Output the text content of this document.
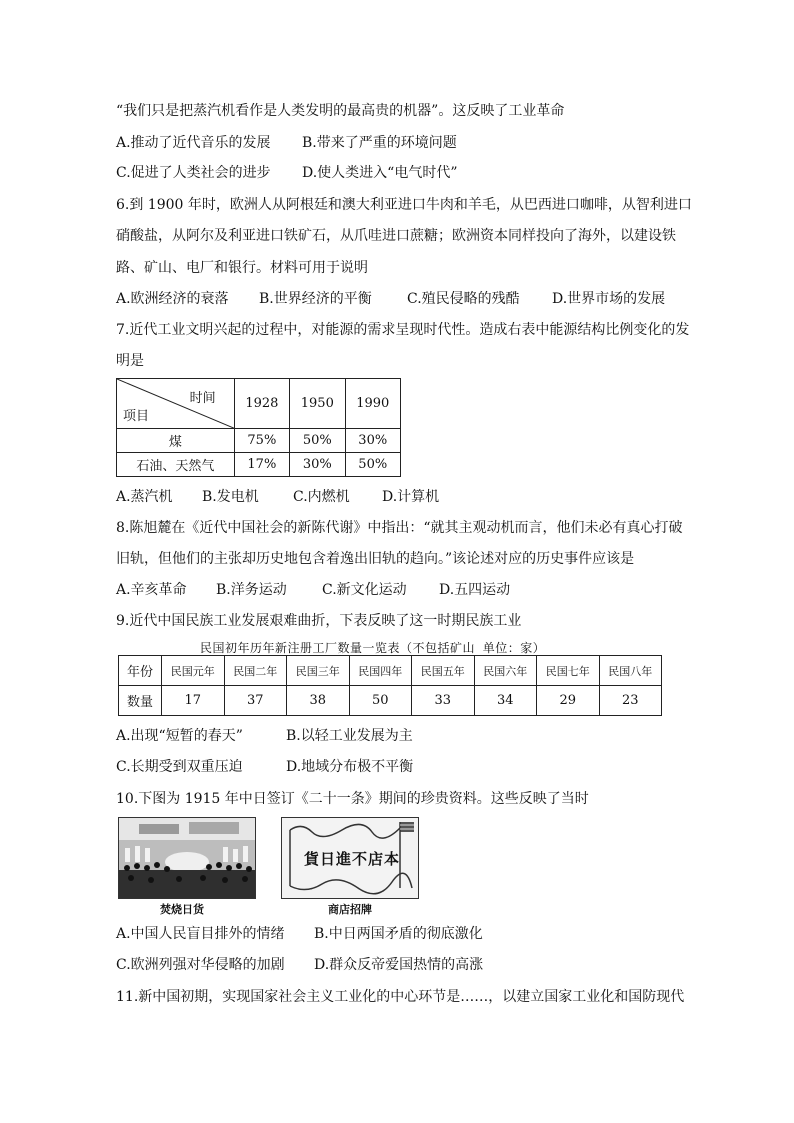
“我们只是把蒸汽机看作是人类发明的最高贵的机器”。这反映了工业革命
A.推动了近代音乐的发展 B.带来了严重的环境问题
C.促进了人类社会的进步 D.使人类进入“电气时代”
6.到 1900 年时，欧洲人从阿根廷和澳大利亚进口牛肉和羊毛，从巴西进口咖啡，从智利进口
硝酸盐，从阿尔及利亚进口铁矿石，从爪哇进口蔗糖；欧洲资本同样投向了海外，以建设铁
路、矿山、电厂和银行。材料可用于说明
A.欧洲经济的衰落 B.世界经济的平衡	C.殖民侵略的残酷 D.世界市场的发展
7.近代工业文明兴起的过程中，对能源的需求呈现时代性。造成右表中能源结构比例变化的发
明是
时间
项目	1928	1950	1990
煤	75%	50%	30%
石油、天然气	17%	30%	50%
A.蒸汽机 B.发电机 C.内燃机 D.计算机
8.陈旭麓在《近代中国社会的新陈代谢》中指出：“就其主观动机而言，他们未必有真心打破
旧轨，但他们的主张却历史地包含着逸出旧轨的趋向。”该论述对应的历史事件应该是
A.辛亥革命 B.洋务运动	C.新文化运动 D.五四运动
9.近代中国民族工业发展艰难曲折，下表反映了这一时期民族工业
民国初年历年新注册工厂数量一览表（不包括矿山 单位：家）
年份	民国元年	民国二年	民国三年	民国四年	民国五年	民国六年	民国七年	民国八年
数量	17	37	38	50	33	34	29	23
A.出现“短暂的春天”	B.以轻工业发展为主
C.长期受到双重压迫	D.地域分布极不平衡
10.下图为 1915 年中日签订《二十一条》期间的珍贵资料。这些反映了当时
焚烧日货
貨日進不店本
商店招牌
A.中国人民盲目排外的情绪 B.中日两国矛盾的彻底激化
C.欧洲列强对华侵略的加剧 D.群众反帝爱国热情的高涨
11.新中国初期，实现国家社会主义工业化的中心环节是……，以建立国家工业化和国防现代
